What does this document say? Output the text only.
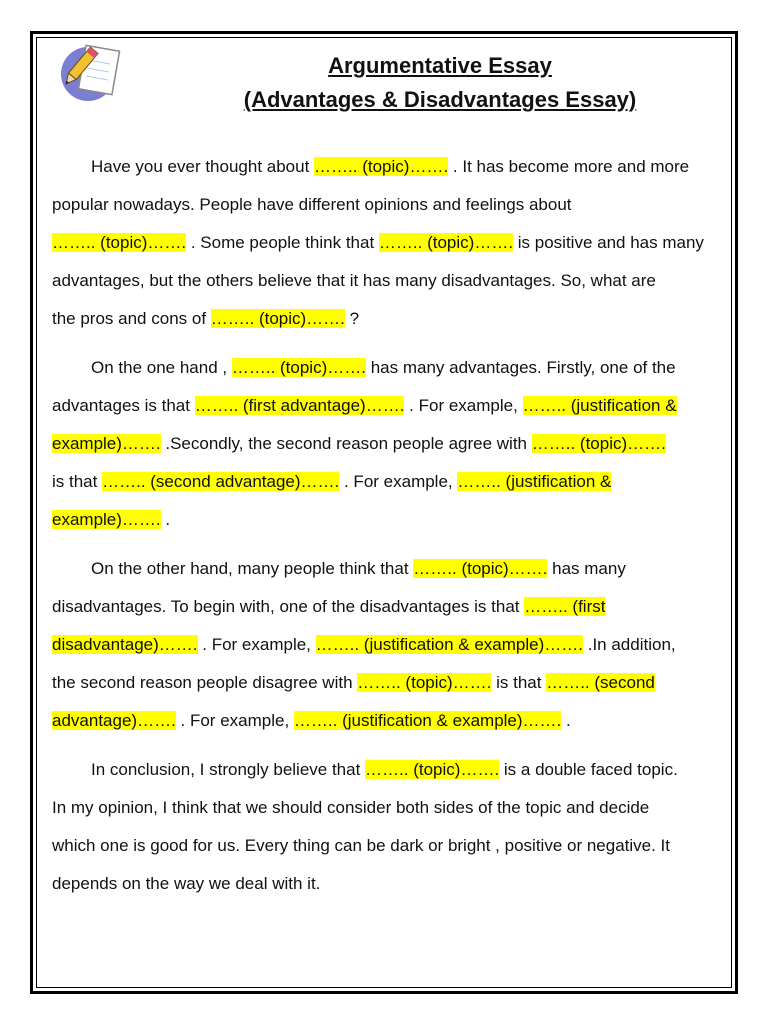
Argumentative Essay
(Advantages & Disadvantages Essay)
Have you ever thought about …….. (topic)……. . It has become more and more
popular nowadays. People have different opinions and feelings about
…….. (topic)……. . Some people think that …….. (topic)……. is positive and has many
advantages, but the others believe that it has many disadvantages. So, what are
the pros and cons of …….. (topic)……. ?
On the one hand , …….. (topic)……. has many advantages. Firstly, one of the
advantages is that …….. (first advantage)……. . For example, …….. (justification &
example)……. .Secondly, the second reason people agree with …….. (topic)…….
is that …….. (second advantage)……. . For example, …….. (justification &
example)……. .
On the other hand, many people think that …….. (topic)……. has many
disadvantages. To begin with, one of the disadvantages is that …….. (first
disadvantage)……. . For example, …….. (justification & example)……. .In addition,
the second reason people disagree with …….. (topic)……. is that …….. (second
advantage)……. . For example, …….. (justification & example)……. .
In conclusion, I strongly believe that …….. (topic)……. is a double faced topic.
In my opinion, I think that we should consider both sides of the topic and decide
which one is good for us. Every thing can be dark or bright , positive or negative. It
depends on the way we deal with it.
